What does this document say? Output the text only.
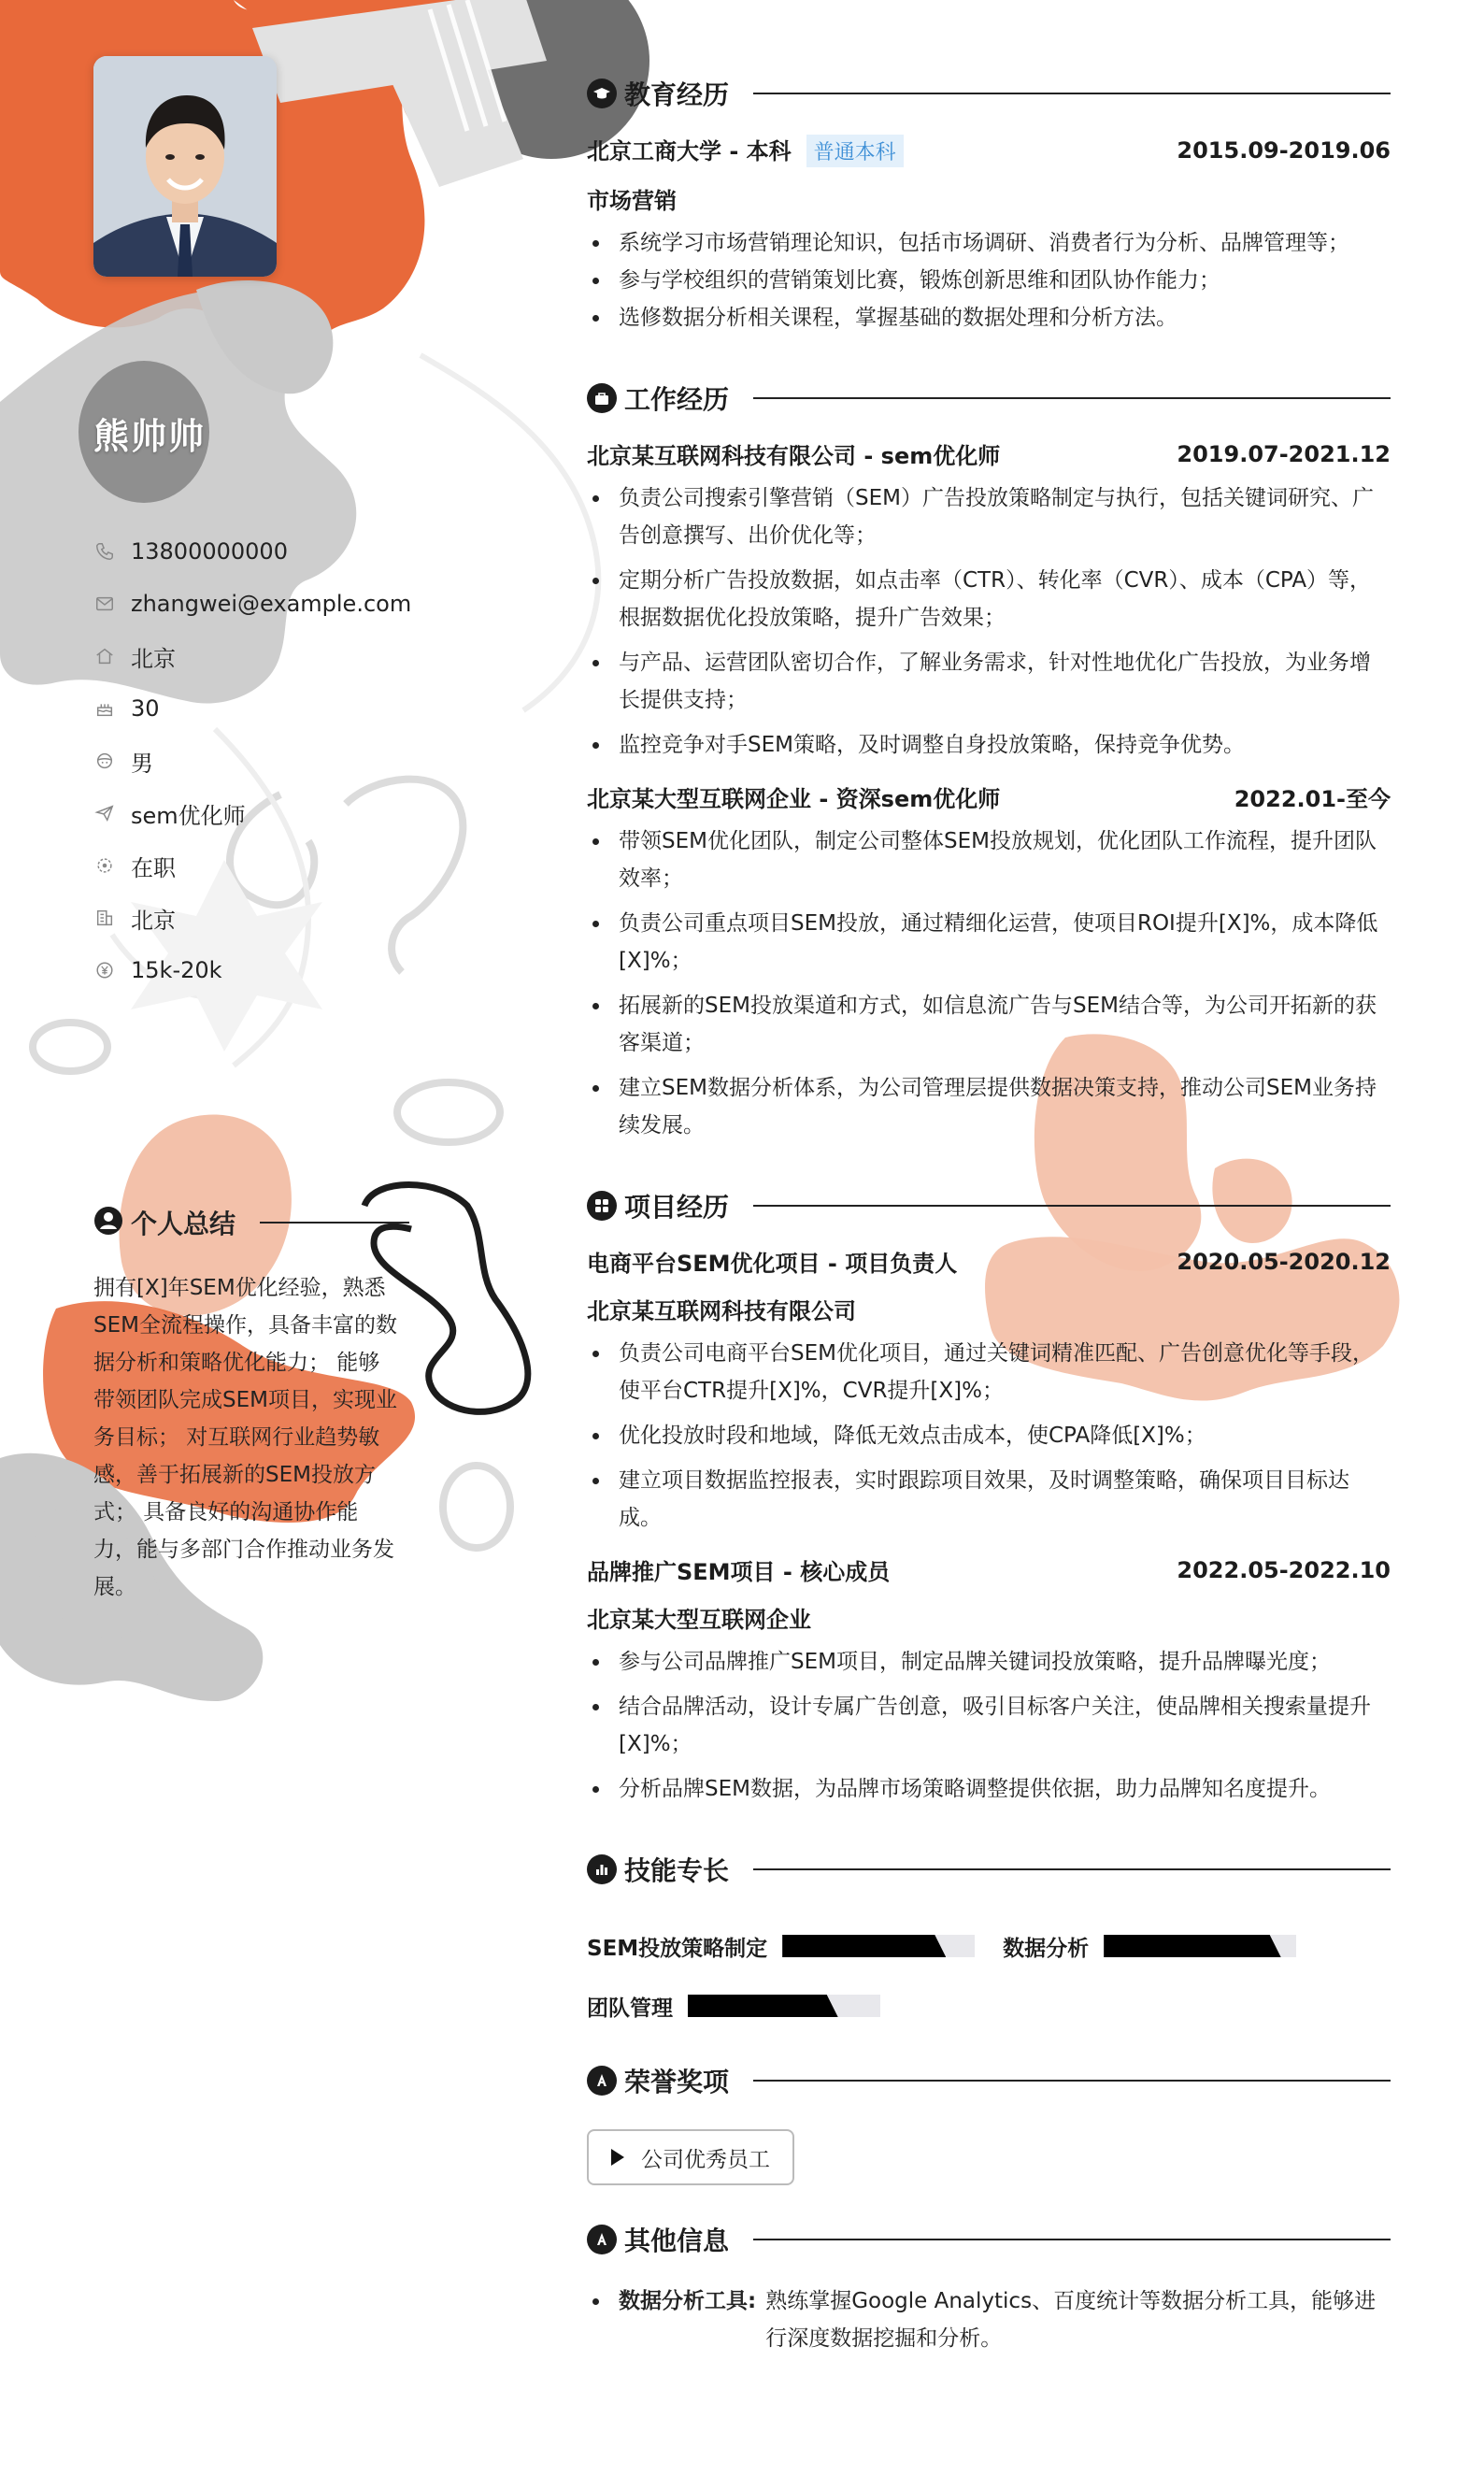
熊帅帅
13800000000
zhangwei@example.com
北京
30
男
sem优化师
在职
北京
15k-20k
个人总结
拥有[X]年SEM优化经验，熟悉SEM全流程操作，具备丰富的数据分析和策略优化能力； 能够带领团队完成SEM项目，实现业务目标； 对互联网行业趋势敏感，善于拓展新的SEM投放方式； 具备良好的沟通协作能力，能与多部门合作推动业务发展。
教育经历
北京工商大学 - 本科 普通本科	2015.09-2019.06
市场营销
系统学习市场营销理论知识，包括市场调研、消费者行为分析、品牌管理等；
参与学校组织的营销策划比赛，锻炼创新思维和团队协作能力；
选修数据分析相关课程，掌握基础的数据处理和分析方法。
工作经历
北京某互联网科技有限公司 - sem优化师	2019.07-2021.12
负责公司搜索引擎营销（SEM）广告投放策略制定与执行，包括关键词研究、广告创意撰写、出价优化等；
定期分析广告投放数据，如点击率（CTR）、转化率（CVR）、成本（CPA）等，根据数据优化投放策略，提升广告效果；
与产品、运营团队密切合作，了解业务需求，针对性地优化广告投放，为业务增长提供支持；
监控竞争对手SEM策略，及时调整自身投放策略，保持竞争优势。
北京某大型互联网企业 - 资深sem优化师	2022.01-至今
带领SEM优化团队，制定公司整体SEM投放规划，优化团队工作流程，提升团队效率；
负责公司重点项目SEM投放，通过精细化运营，使项目ROI提升[X]%，成本降低[X]%；
拓展新的SEM投放渠道和方式，如信息流广告与SEM结合等，为公司开拓新的获客渠道；
建立SEM数据分析体系，为公司管理层提供数据决策支持，推动公司SEM业务持续发展。
项目经历
电商平台SEM优化项目 - 项目负责人	2020.05-2020.12
北京某互联网科技有限公司
负责公司电商平台SEM优化项目，通过关键词精准匹配、广告创意优化等手段，使平台CTR提升[X]%，CVR提升[X]%；
优化投放时段和地域，降低无效点击成本，使CPA降低[X]%；
建立项目数据监控报表，实时跟踪项目效果，及时调整策略，确保项目目标达成。
品牌推广SEM项目 - 核心成员	2022.05-2022.10
北京某大型互联网企业
参与公司品牌推广SEM项目，制定品牌关键词投放策略，提升品牌曝光度；
结合品牌活动，设计专属广告创意，吸引目标客户关注，使品牌相关搜索量提升[X]%；
分析品牌SEM数据，为品牌市场策略调整提供依据，助力品牌知名度提升。
技能专长
SEM投放策略制定	数据分析
团队管理
荣誉奖项
公司优秀员工
其他信息
数据分析工具: 熟练掌握Google Analytics、百度统计等数据分析工具，能够进行深度数据挖掘和分析。
